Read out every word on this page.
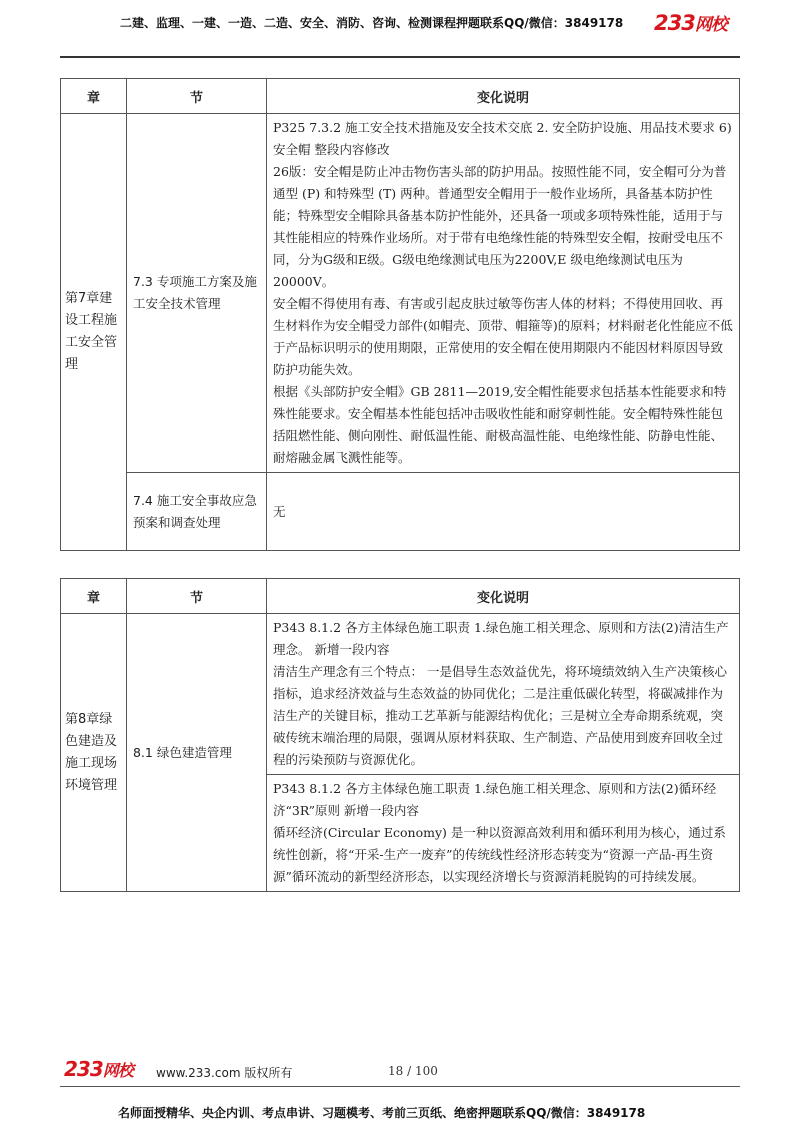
二建、监理、一建、一造、二造、安全、消防、咨询、检测课程押题联系QQ/微信：3849178	233网校
章	节	变化说明
第7章建设工程施工安全管理	7.3 专项施工方案及施工安全技术管理	P325 7.3.2 施工安全技术措施及安全技术交底 2. 安全防护设施、用品技术要求 6)安全帽 整段内容修改

26版：安全帽是防止冲击物伤害头部的防护用品。按照性能不同，安全帽可分为普通型 (P) 和特殊型 (T) 两种。普通型安全帽用于一般作业场所，具备基本防护性能；特殊型安全帽除具备基本防护性能外，还具备一项或多项特殊性能，适用于与其性能相应的特殊作业场所。对于带有电绝缘性能的特殊型安全帽，按耐受电压不同，分为G级和E级。G级电绝缘测试电压为2200V,E 级电绝缘测试电压为20000V。

安全帽不得使用有毒、有害或引起皮肤过敏等伤害人体的材料；不得使用回收、再生材料作为安全帽受力部件(如帽壳、顶带、帽箍等)的原料；材料耐老化性能应不低于产品标识明示的使用期限，正常使用的安全帽在使用期限内不能因材料原因导致防护功能失效。

根据《头部防护安全帽》GB 2811—2019,安全帽性能要求包括基本性能要求和特殊性能要求。安全帽基本性能包括冲击吸收性能和耐穿刺性能。安全帽特殊性能包括阻燃性能、侧向刚性、耐低温性能、耐极高温性能、电绝缘性能、防静电性能、耐熔融金属飞溅性能等。

	7.4 施工安全事故应急预案和调查处理	无
章	节	变化说明
第8章绿色建造及施工现场环境管理	8.1 绿色建造管理	P343 8.1.2 各方主体绿色施工职责 1.绿色施工相关理念、原则和方法(2)清洁生产理念。 新增一段内容

清洁生产理念有三个特点： 一是倡导生态效益优先，将环境绩效纳入生产决策核心指标，追求经济效益与生态效益的协同优化；二是注重低碳化转型，将碳减排作为 洁生产的关键目标，推动工艺革新与能源结构优化；三是树立全寿命期系统观，突破传统末端治理的局限，强调从原材料获取、生产制造、产品使用到废弃回收全过程的污染预防与资源优化。

		P343 8.1.2 各方主体绿色施工职责 1.绿色施工相关理念、原则和方法(2)循环经济“3R”原则 新增一段内容

循环经济(Circular Economy) 是一种以资源高效利用和循环利用为核心，通过系统性创新，将“开采-生产一废弃”的传统线性经济形态转变为“资源一产品-再生资源”循环流动的新型经济形态，以实现经济增长与资源消耗脱钩的可持续发展。

233网校 www.233.com 版权所有	18 / 100
名师面授精华、央企内训、考点串讲、习题模考、考前三页纸、绝密押题联系QQ/微信：3849178
